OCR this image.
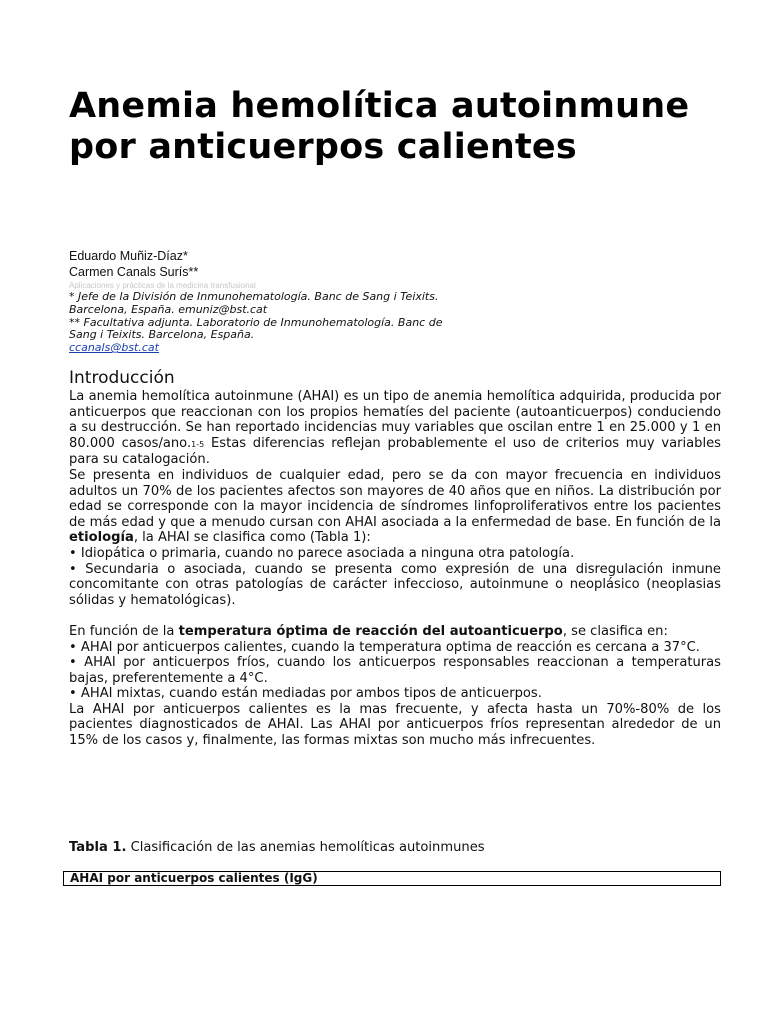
Anemia hemolítica autoinmune por anticuerpos calientes
Eduardo Muñiz-Díaz*
Carmen Canals Surís**
Aplicaciones y prácticas de la medicina transfusional
* Jefe de la División de Inmunohematología. Banc de Sang i Teixits. Barcelona, España. emuniz@bst.cat
** Facultativa adjunta. Laboratorio de Inmunohematología. Banc de Sang i Teixits. Barcelona, España.
ccanals@bst.cat
Introducción

La anemia hemolítica autoinmune (AHAI) es un tipo de anemia hemolítica adquirida, producida por anticuerpos que reaccionan con los propios hematíes del paciente (autoanticuerpos) conduciendo a su destrucción. Se han reportado incidencias muy variables que oscilan entre 1 en 25.000 y 1 en 80.000 casos/ano.1-5 Estas diferencias reflejan probablemente el uso de criterios muy variables para su catalogación.

Se presenta en individuos de cualquier edad, pero se da con mayor frecuencia en individuos adultos un 70% de los pacientes afectos son mayores de 40 años que en niños. La distribución por edad se corresponde con la mayor incidencia de síndromes linfoproliferativos entre los pacientes de más edad y que a menudo cursan con AHAI asociada a la enfermedad de base. En función de la etiología, la AHAI se clasifica como (Tabla 1):

• Idiopática o primaria, cuando no parece asociada a ninguna otra patología.

• Secundaria o asociada, cuando se presenta como expresión de una disregulación inmune concomitante con otras patologías de carácter infeccioso, autoinmune o neoplásico (neoplasias sólidas y hematológicas).

En función de la temperatura óptima de reacción del autoanticuerpo, se clasifica en:

• AHAI por anticuerpos calientes, cuando la temperatura optima de reacción es cercana a 37°C.

• AHAI por anticuerpos fríos, cuando los anticuerpos responsables reaccionan a temperaturas bajas, preferentemente a 4°C.

• AHAI mixtas, cuando están mediadas por ambos tipos de anticuerpos.

La AHAI por anticuerpos calientes es la mas frecuente, y afecta hasta un 70%-80% de los pacientes diagnosticados de AHAI. Las AHAI por anticuerpos fríos representan alrededor de un 15% de los casos y, finalmente, las formas mixtas son mucho más infrecuentes.

Tabla 1. Clasificación de las anemias hemolíticas autoinmunes
AHAI por anticuerpos calientes (IgG)
